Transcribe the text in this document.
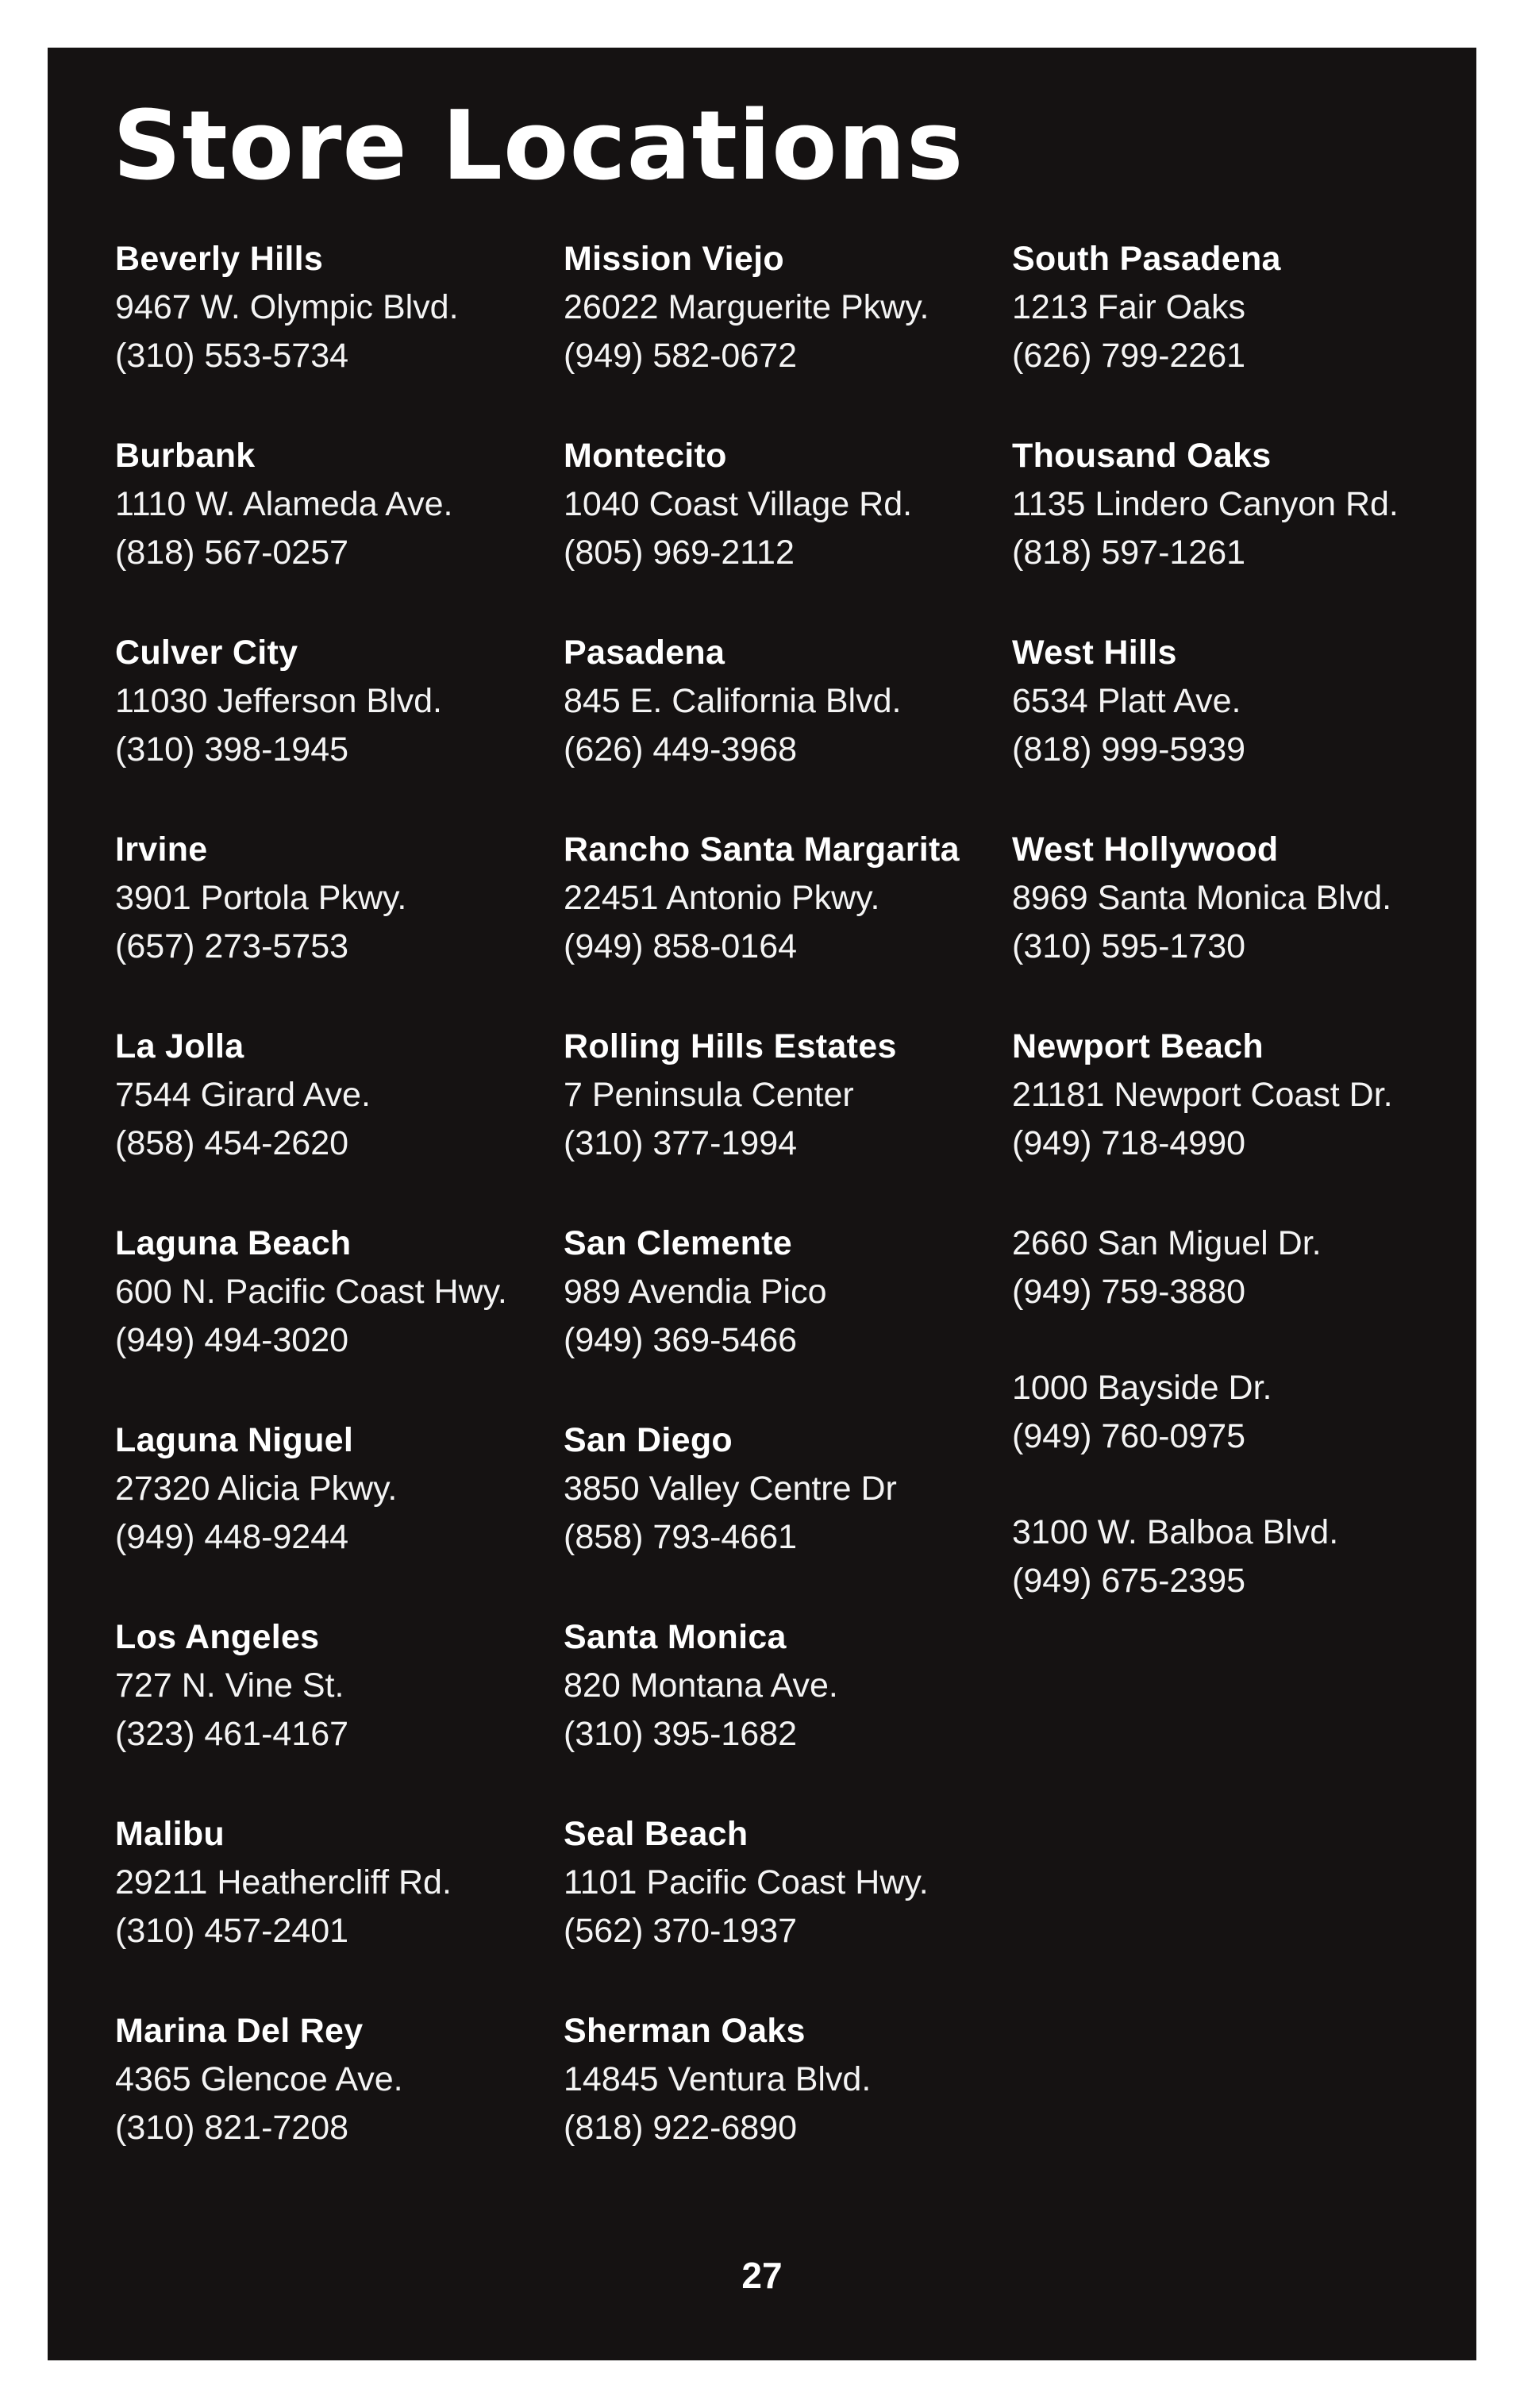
Store Locations
Beverly Hills
9467 W. Olympic Blvd.
(310) 553-5734
Burbank
1110 W. Alameda Ave.
(818) 567-0257
Culver City
11030 Jefferson Blvd.
(310) 398-1945
Irvine
3901 Portola Pkwy.
(657) 273-5753
La Jolla
7544 Girard Ave.
(858) 454-2620
Laguna Beach
600 N. Pacific Coast Hwy.
(949) 494-3020
Laguna Niguel
27320 Alicia Pkwy.
(949) 448-9244
Los Angeles
727 N. Vine St.
(323) 461-4167
Malibu
29211 Heathercliff Rd.
(310) 457-2401
Marina Del Rey
4365 Glencoe Ave.
(310) 821-7208
Mission Viejo
26022 Marguerite Pkwy.
(949) 582-0672
Montecito
1040 Coast Village Rd.
(805) 969-2112
Pasadena
845 E. California Blvd.
(626) 449-3968
Rancho Santa Margarita
22451 Antonio Pkwy.
(949) 858-0164
Rolling Hills Estates
7 Peninsula Center
(310) 377-1994
San Clemente
989 Avendia Pico
(949) 369-5466
San Diego
3850 Valley Centre Dr
(858) 793-4661
Santa Monica
820 Montana Ave.
(310) 395-1682
Seal Beach
1101 Pacific Coast Hwy.
(562) 370-1937
Sherman Oaks
14845 Ventura Blvd.
(818) 922-6890
South Pasadena
1213 Fair Oaks
(626) 799-2261
Thousand Oaks
1135 Lindero Canyon Rd.
(818) 597-1261
West Hills
6534 Platt Ave.
(818) 999-5939
West Hollywood
8969 Santa Monica Blvd.
(310) 595-1730
Newport Beach
21181 Newport Coast Dr.
(949) 718-4990
2660 San Miguel Dr.
(949) 759-3880
1000 Bayside Dr.
(949) 760-0975
3100 W. Balboa Blvd.
(949) 675-2395
27
